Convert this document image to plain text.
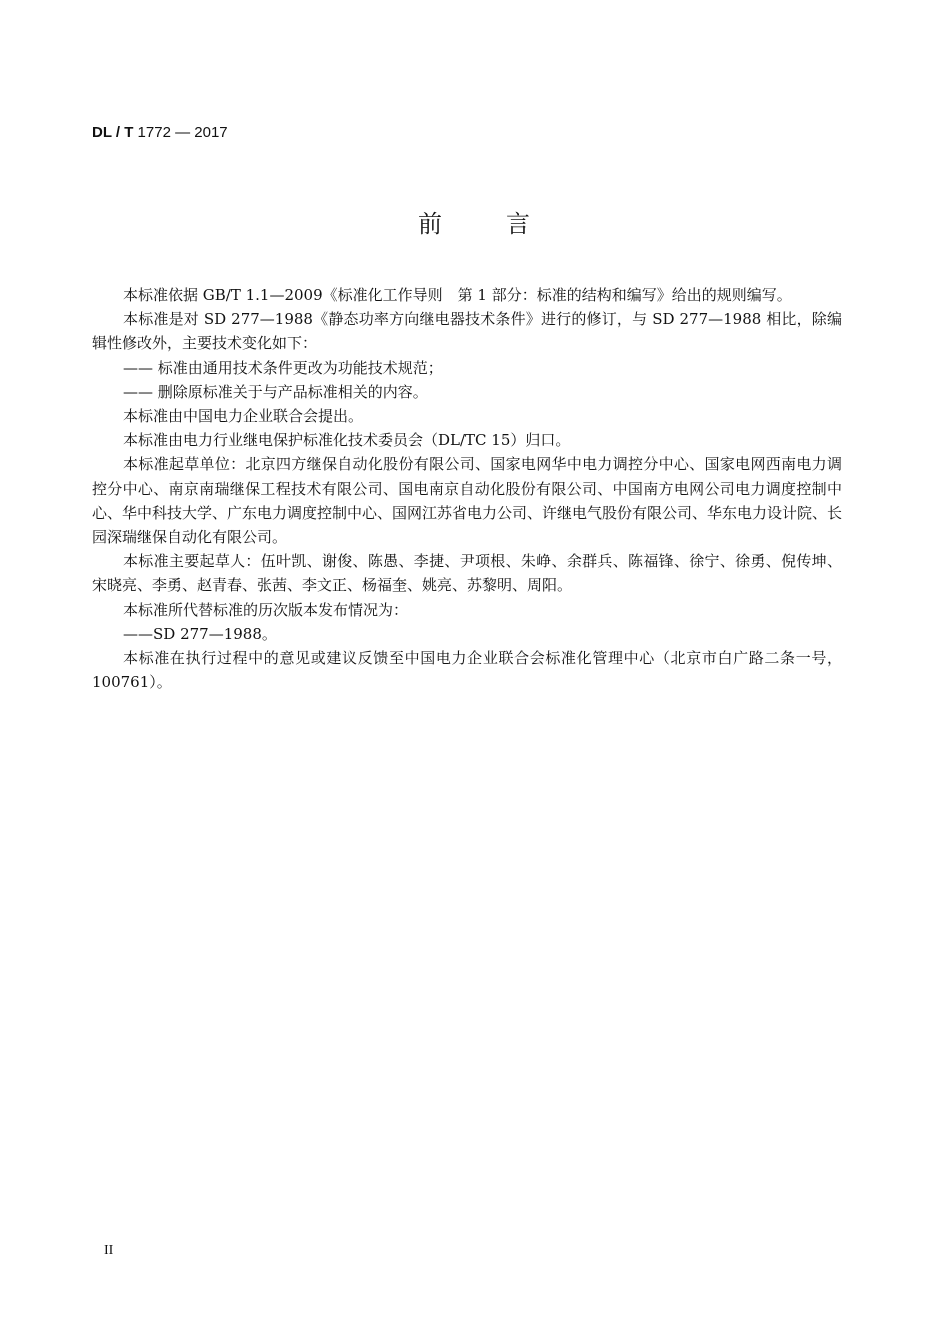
DL / T 1772 — 2017
前	言

本标准依据 GB/T 1.1—2009《标准化工作导则　第 1 部分：标准的结构和编写》给出的规则编写。

本标准是对 SD 277—1988《静态功率方向继电器技术条件》进行的修订，与 SD 277—1988 相比，除编辑性修改外，主要技术变化如下：

—— 标准由通用技术条件更改为功能技术规范；

—— 删除原标准关于与产品标准相关的内容。

本标准由中国电力企业联合会提出。

本标准由电力行业继电保护标准化技术委员会（DL/TC 15）归口。

本标准起草单位：北京四方继保自动化股份有限公司、国家电网华中电力调控分中心、国家电网西南电力调控分中心、南京南瑞继保工程技术有限公司、国电南京自动化股份有限公司、中国南方电网公司电力调度控制中心、华中科技大学、广东电力调度控制中心、国网江苏省电力公司、许继电气股份有限公司、华东电力设计院、长园深瑞继保自动化有限公司。

本标准主要起草人：伍叶凯、谢俊、陈愚、李捷、尹项根、朱峥、余群兵、陈福锋、徐宁、徐勇、倪传坤、宋晓亮、李勇、赵青春、张茜、李文正、杨福奎、姚亮、苏黎明、周阳。

本标准所代替标准的历次版本发布情况为：

——SD 277—1988。

本标准在执行过程中的意见或建议反馈至中国电力企业联合会标准化管理中心（北京市白广路二条一号，100761）。

II
